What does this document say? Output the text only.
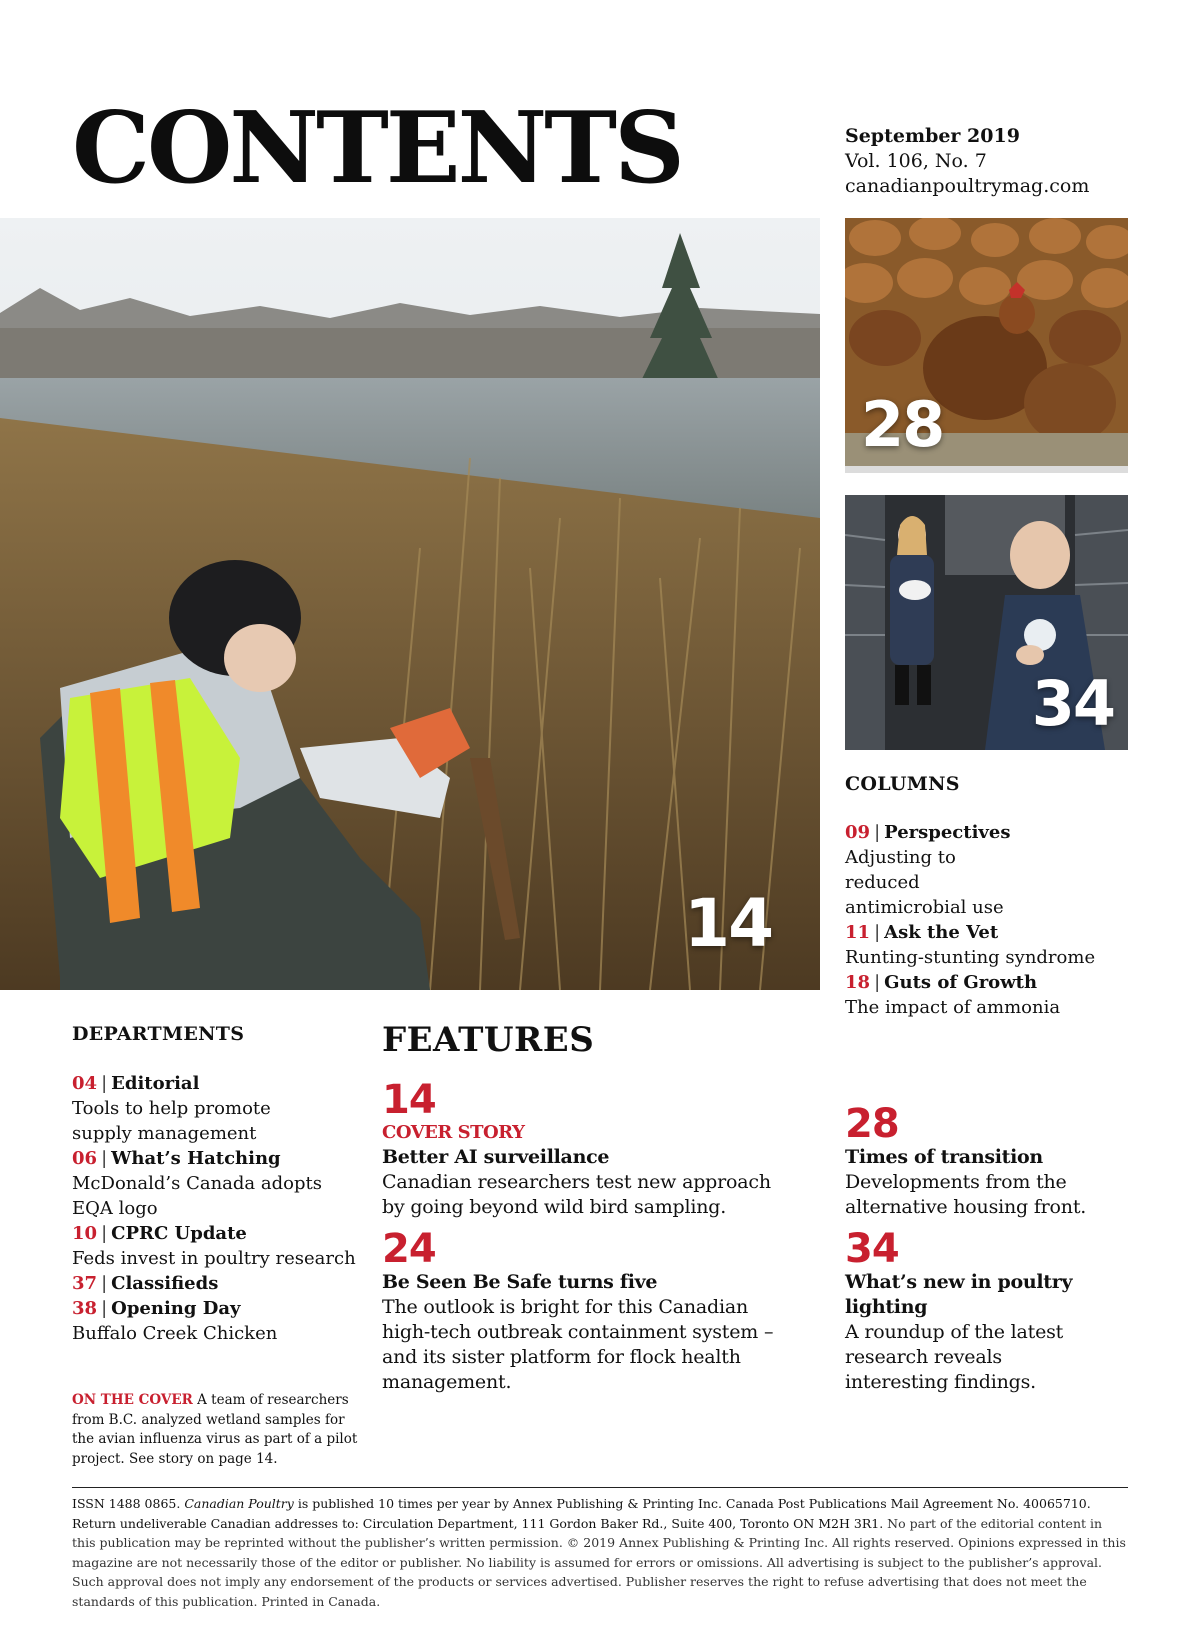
CONTENTS	September 2019
Vol. 106, No. 7
canadianpoultrymag.com
14
28
34
COLUMNS
09 | Perspectives
Adjusting to reduced antimicrobial use
11 | Ask the Vet
Runting-stunting syndrome
18 | Guts of Growth
The impact of ammonia
DEPARTMENTS
04 | Editorial
Tools to help promote supply management
06 | What’s Hatching
McDonald’s Canada adopts EQA logo
10 | CPRC Update
Feds invest in poultry research
37 | Classifieds
38 | Opening Day
Buffalo Creek Chicken
FEATURES
14
COVER STORY
Better AI surveillance
Canadian researchers test new approach by going beyond wild bird sampling.
24
Be Seen Be Safe turns five
The outlook is bright for this Canadian high-tech outbreak containment system – and its sister platform for flock health management.
28
Times of transition
Developments from the alternative housing front.
34
What’s new in poultry lighting
A roundup of the latest research reveals interesting findings.
ON THE COVER A team of researchers from B.C. analyzed wetland samples for the avian influenza virus as part of a pilot project. See story on page 14.
ISSN 1488 0865. Canadian Poultry is published 10 times per year by Annex Publishing & Printing Inc. Canada Post Publications Mail Agreement No. 40065710. Return undeliverable Canadian addresses to: Circulation Department, 111 Gordon Baker Rd., Suite 400, Toronto ON M2H 3R1. No part of the editorial content in this publication may be reprinted without the publisher’s written permission. © 2019 Annex Publishing & Printing Inc. All rights reserved. Opinions expressed in this magazine are not necessarily those of the editor or publisher. No liability is assumed for errors or omissions. All advertising is subject to the publisher’s approval. Such approval does not imply any endorsement of the products or services advertised. Publisher reserves the right to refuse advertising that does not meet the standards of this publication. Printed in Canada.
